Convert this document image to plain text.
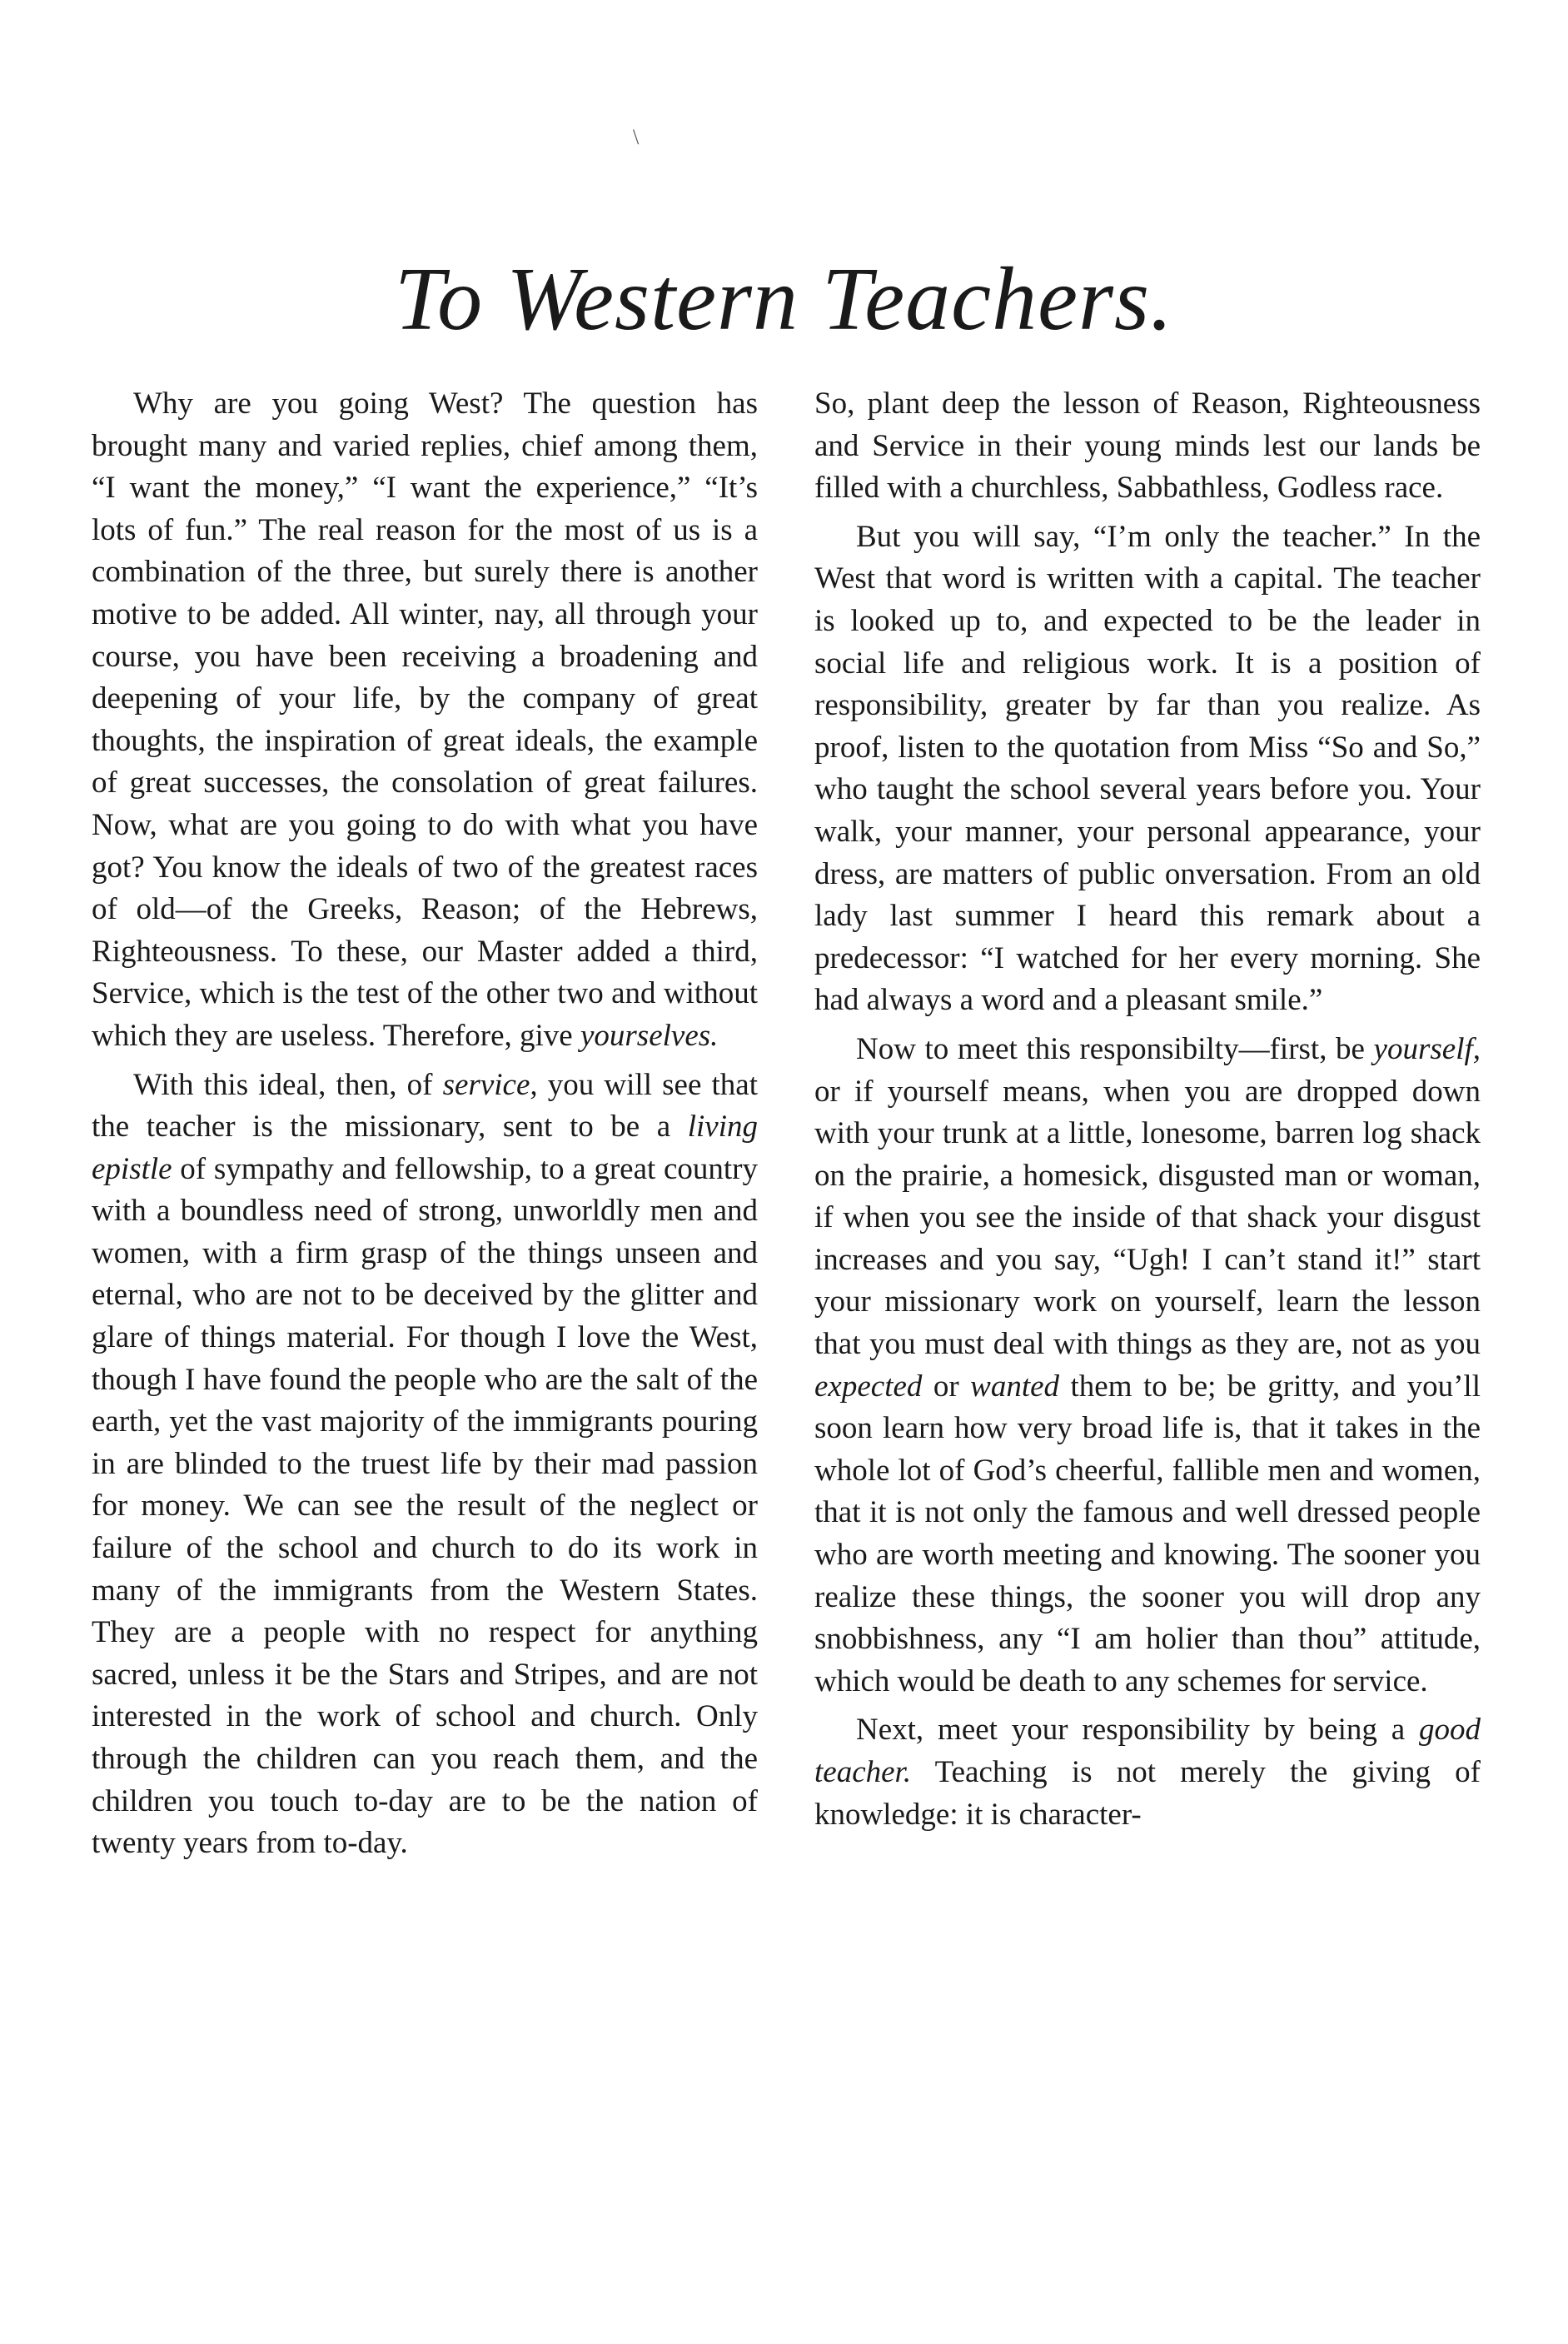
To Western Teachers.

Why are you going West? The question has brought many and varied replies, chief among them, “I want the money,” “I want the experience,” “It’s lots of fun.” The real reason for the most of us is a combination of the three, but surely there is another motive to be added. All winter, nay, all through your course, you have been receiving a broadening and deepening of your life, by the company of great thoughts, the inspiration of great ideals, the example of great successes, the consolation of great failures. Now, what are you going to do with what you have got? You know the ideals of two of the greatest races of old—of the Greeks, Reason; of the Hebrews, Righteousness. To these, our Master added a third, Service, which is the test of the other two and without which they are useless. Therefore, give yourselves.

With this ideal, then, of service, you will see that the teacher is the missionary, sent to be a living epistle of sympathy and fellowship, to a great country with a boundless need of strong, unworldly men and women, with a firm grasp of the things unseen and eternal, who are not to be deceived by the glitter and glare of things material. For though I love the West, though I have found the people who are the salt of the earth, yet the vast majority of the immigrants pouring in are blinded to the truest life by their mad passion for money. We can see the result of the neglect or failure of the school and church to do its work in many of the immigrants from the Western States. They are a people with no respect for anything sacred, unless it be the Stars and Stripes, and are not interested in the work of school and church. Only through the children can you reach them, and the children you touch to-day are to be the nation of twenty years from to-day.

So, plant deep the lesson of Reason, Righteousness and Service in their young minds lest our lands be filled with a churchless, Sabbathless, Godless race.

But you will say, “I’m only the teacher.” In the West that word is written with a capital. The teacher is looked up to, and expected to be the leader in social life and religious work. It is a position of responsibility, greater by far than you realize. As proof, listen to the quotation from Miss “So and So,” who taught the school several years before you. Your walk, your manner, your personal appearance, your dress, are matters of public onversation. From an old lady last summer I heard this remark about a predecessor: “I watched for her every morning. She had always a word and a pleasant smile.”

Now to meet this responsibilty—first, be yourself, or if yourself means, when you are dropped down with your trunk at a little, lonesome, barren log shack on the prairie, a homesick, disgusted man or woman, if when you see the inside of that shack your disgust increases and you say, “Ugh! I can’t stand it!” start your missionary work on yourself, learn the lesson that you must deal with things as they are, not as you expected or wanted them to be; be gritty, and you’ll soon learn how very broad life is, that it takes in the whole lot of God’s cheerful, fallible men and women, that it is not only the famous and well dressed people who are worth meeting and knowing. The sooner you realize these things, the sooner you will drop any snobbishness, any “I am holier than thou” attitude, which would be death to any schemes for service.

Next, meet your responsibility by being a good teacher. Teaching is not merely the giving of knowledge: it is character-

\
